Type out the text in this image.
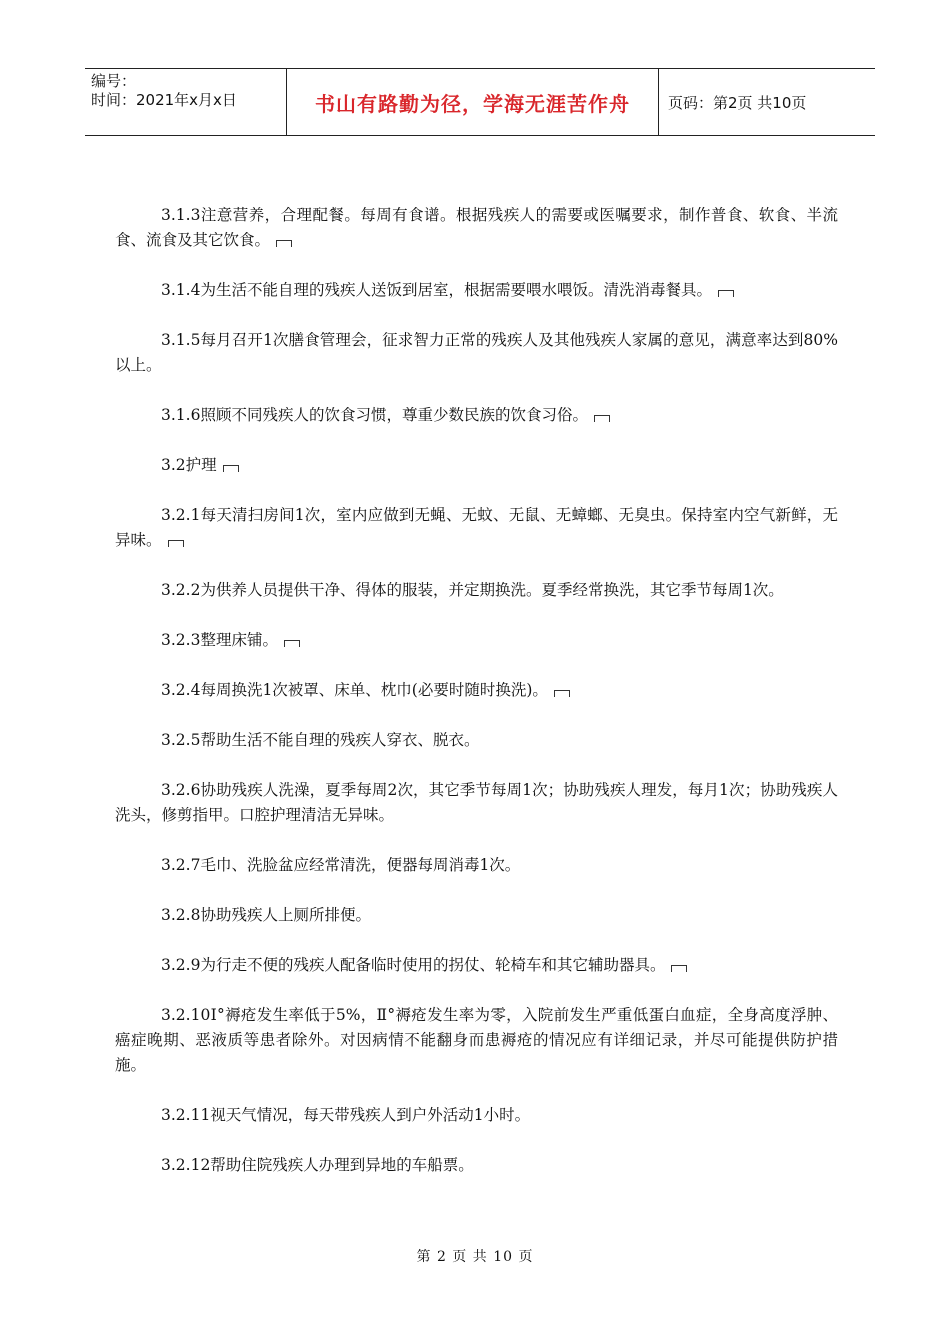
编号：
时间：2021年x月x日	书山有路勤为径，学海无涯苦作舟	页码：第2页 共10页

3.1.3注意营养，合理配餐。每周有食谱。根据残疾人的需要或医嘱要求，制作普食、软食、半流食、流食及其它饮食。

3.1.4为生活不能自理的残疾人送饭到居室，根据需要喂水喂饭。清洗消毒餐具。

3.1.5每月召开1次膳食管理会，征求智力正常的残疾人及其他残疾人家属的意见，满意率达到80%以上。

3.1.6照顾不同残疾人的饮食习惯，尊重少数民族的饮食习俗。

3.2护理

3.2.1每天清扫房间1次，室内应做到无蝇、无蚊、无鼠、无蟑螂、无臭虫。保持室内空气新鲜，无异味。

3.2.2为供养人员提供干净、得体的服装，并定期换洗。夏季经常换洗，其它季节每周1次。

3.2.3整理床铺。

3.2.4每周换洗1次被罩、床单、枕巾(必要时随时换洗)。

3.2.5帮助生活不能自理的残疾人穿衣、脱衣。

3.2.6协助残疾人洗澡，夏季每周2次，其它季节每周1次；协助残疾人理发，每月1次；协助残疾人洗头，修剪指甲。口腔护理清洁无异味。

3.2.7毛巾、洗脸盆应经常清洗，便器每周消毒1次。

3.2.8协助残疾人上厕所排便。

3.2.9为行走不便的残疾人配备临时使用的拐仗、轮椅车和其它辅助器具。

3.2.10Ⅰ°褥疮发生率低于5%，Ⅱ°褥疮发生率为零，入院前发生严重低蛋白血症，全身高度浮肿、癌症晚期、恶液质等患者除外。对因病情不能翻身而患褥疮的情况应有详细记录，并尽可能提供防护措施。

3.2.11视天气情况，每天带残疾人到户外活动1小时。

3.2.12帮助住院残疾人办理到异地的车船票。

第 2 页 共 10 页
